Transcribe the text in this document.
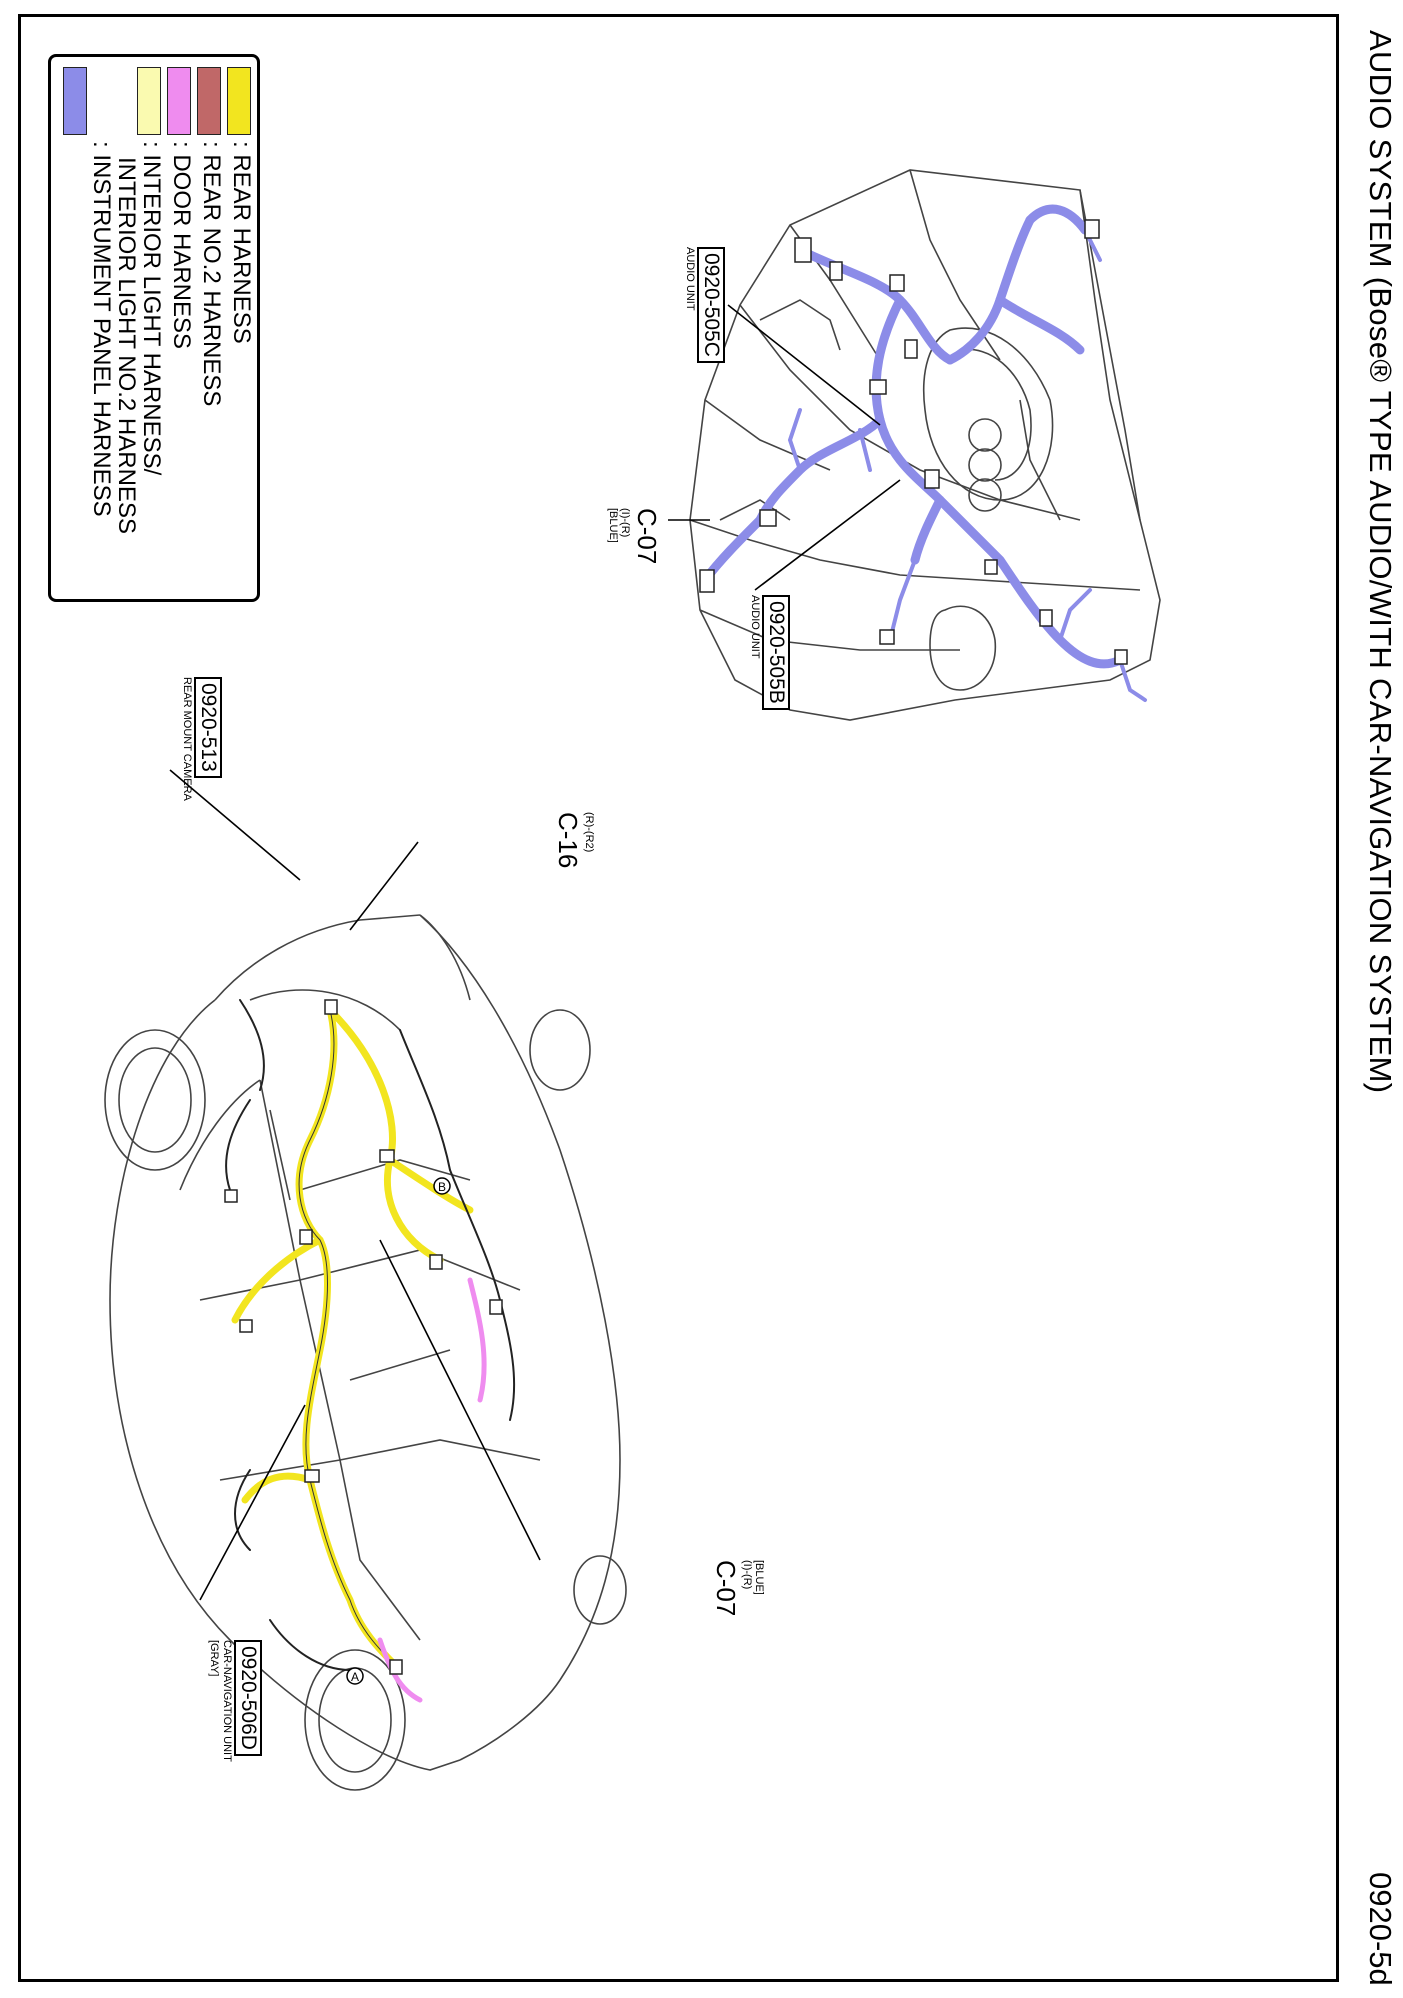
AUDIO SYSTEM (Bose® TYPE AUDIO/WITH CAR-NAVIGATION SYSTEM)
0920-5d
: REAR HARNESS
: REAR NO.2 HARNESS
: DOOR HARNESS
: INTERIOR LIGHT HARNESS/
INTERIOR LIGHT NO.2 HARNESS
: INSTRUMENT PANEL HARNESS
A
B
0920-505C
AUDIO UNIT
0920-505B
AUDIO UNIT
0920-513
REAR MOUNT CAMERA
0920-506D
CAR-NAVIGATION UNIT
[GRAY]
C-07
(I)-(R)
[BLUE]
(R)-(R2)
C-16
[BLUE]
(I)-(R)
C-07
